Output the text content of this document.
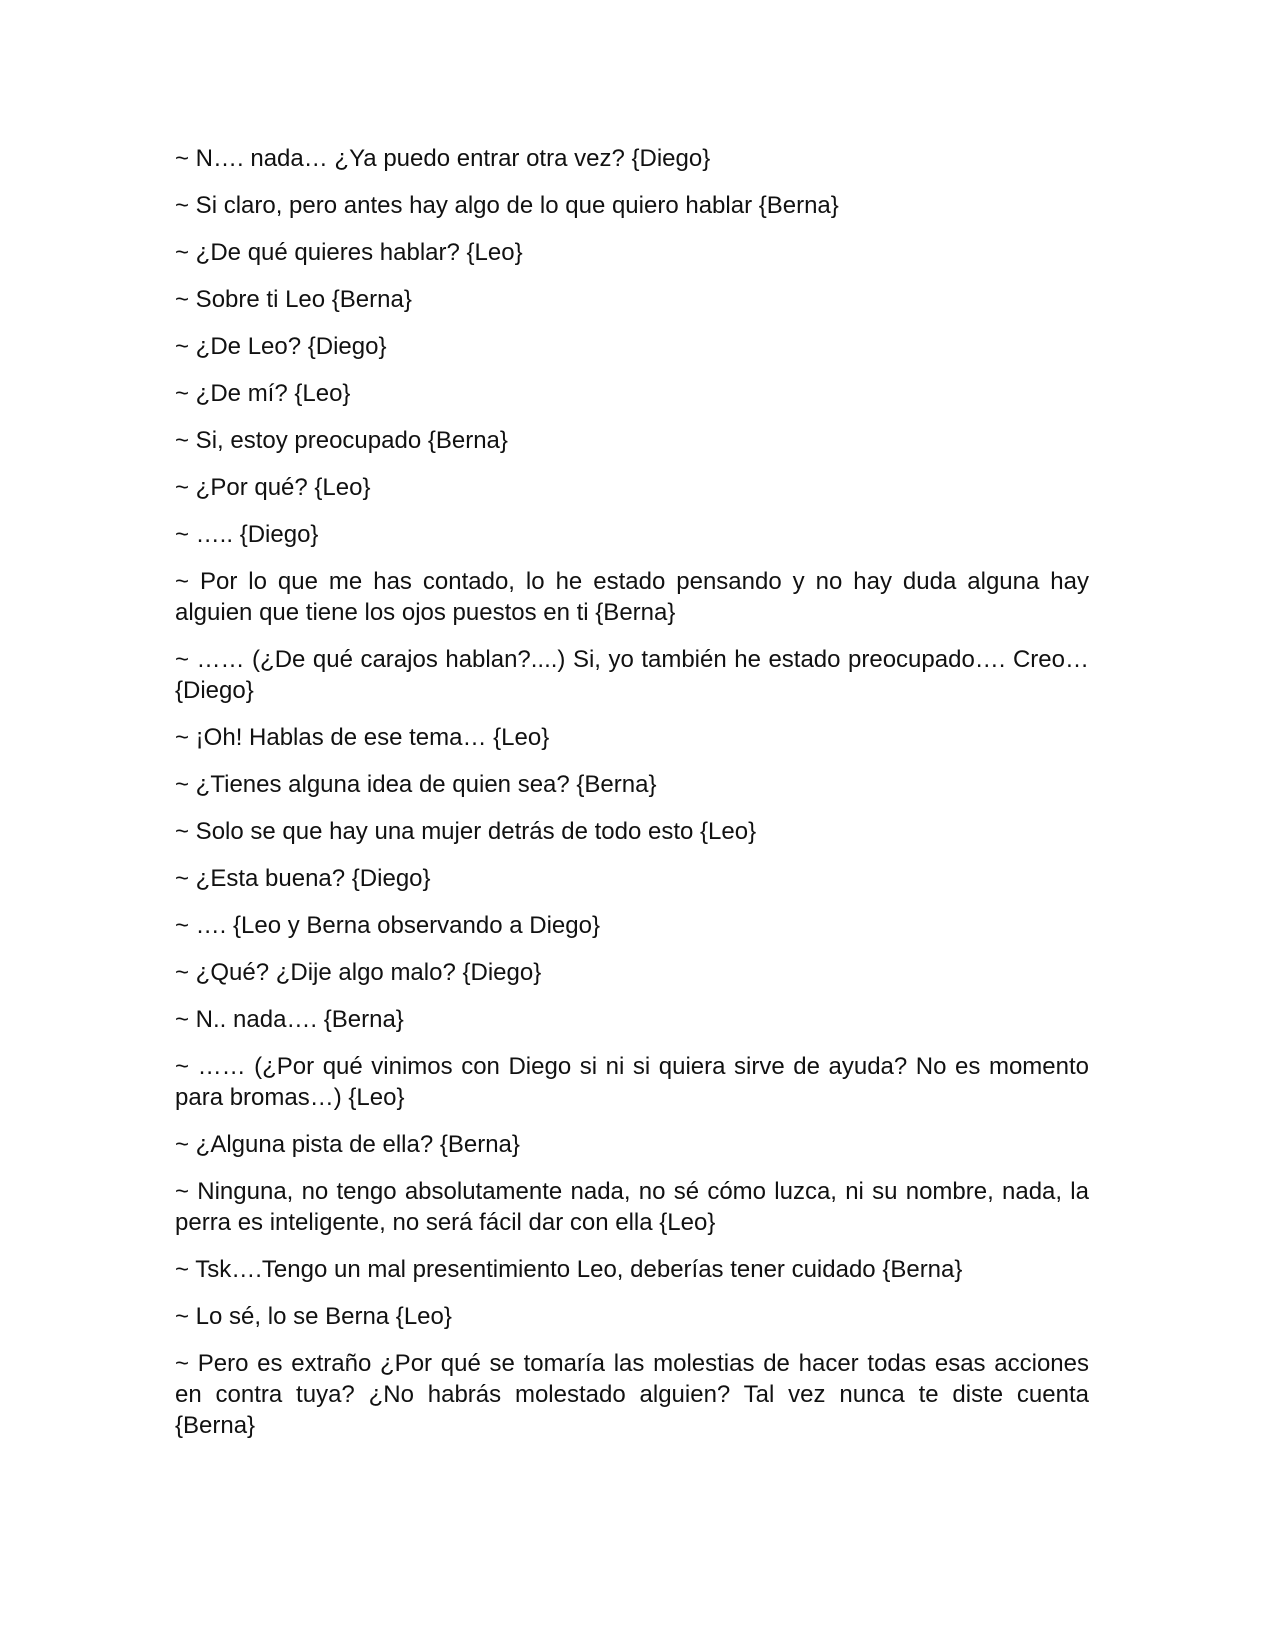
~ N…. nada… ¿Ya puedo entrar otra vez? {Diego}

~ Si claro, pero antes hay algo de lo que quiero hablar {Berna}

~ ¿De qué quieres hablar? {Leo}

~ Sobre ti Leo {Berna}

~ ¿De Leo? {Diego}

~ ¿De mí? {Leo}

~ Si, estoy preocupado {Berna}

~ ¿Por qué? {Leo}

~ ….. {Diego}

~ Por lo que me has contado, lo he estado pensando y no hay duda alguna hay alguien que tiene los ojos puestos en ti {Berna}

~ …… (¿De qué carajos hablan?....) Si, yo también he estado preocupado…. Creo… {Diego}

~ ¡Oh! Hablas de ese tema… {Leo}

~ ¿Tienes alguna idea de quien sea? {Berna}

~ Solo se que hay una mujer detrás de todo esto {Leo}

~ ¿Esta buena? {Diego}

~ …. {Leo y Berna observando a Diego}

~ ¿Qué? ¿Dije algo malo? {Diego}

~ N.. nada…. {Berna}

~ …… (¿Por qué vinimos con Diego si ni si quiera sirve de ayuda? No es momento para bromas…) {Leo}

~ ¿Alguna pista de ella? {Berna}

~ Ninguna, no tengo absolutamente nada, no sé cómo luzca, ni su nombre, nada, la perra es inteligente, no será fácil dar con ella {Leo}

~ Tsk….Tengo un mal presentimiento Leo, deberías tener cuidado {Berna}

~ Lo sé, lo se Berna {Leo}

~ Pero es extraño ¿Por qué se tomaría las molestias de hacer todas esas acciones en contra tuya? ¿No habrás molestado alguien? Tal vez nunca te diste cuenta {Berna}
